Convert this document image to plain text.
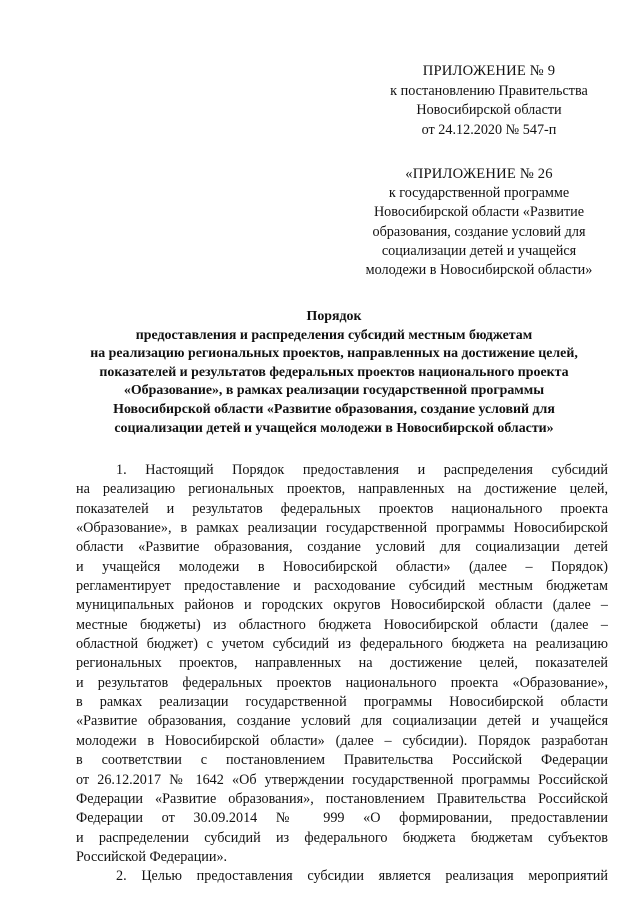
ПРИЛОЖЕНИЕ № 9
к постановлению Правительства
Новосибирской области
от 24.12.2020 № 547-п
«ПРИЛОЖЕНИЕ № 26
к государственной программе
Новосибирской области «Развитие
образования, создание условий для
социализации детей и учащейся
молодежи в Новосибирской области»
Порядок
предоставления и распределения субсидий местным бюджетам
на реализацию региональных проектов, направленных на достижение целей,
показателей и результатов федеральных проектов национального проекта
«Образование», в рамках реализации государственной программы
Новосибирской области «Развитие образования, создание условий для
социализации детей и учащейся молодежи в Новосибирской области»
1. Настоящий Порядок предоставления и распределения субсидий
на реализацию региональных проектов, направленных на достижение целей,
показателей и результатов федеральных проектов национального проекта
«Образование», в рамках реализации государственной программы Новосибирской
области «Развитие образования, создание условий для социализации детей
и учащейся молодежи в Новосибирской области» (далее – Порядок)
регламентирует предоставление и расходование субсидий местным бюджетам
муниципальных районов и городских округов Новосибирской области (далее –
местные бюджеты) из областного бюджета Новосибирской области (далее –
областной бюджет) с учетом субсидий из федерального бюджета на реализацию
региональных проектов, направленных на достижение целей, показателей
и результатов федеральных проектов национального проекта «Образование»,
в рамках реализации государственной программы Новосибирской области
«Развитие образования, создание условий для социализации детей и учащейся
молодежи в Новосибирской области» (далее – субсидии). Порядок разработан
в соответствии с постановлением Правительства Российской Федерации
от 26.12.2017 № 1642 «Об утверждении государственной программы Российской
Федерации «Развитие образования», постановлением Правительства Российской
Федерации от 30.09.2014 № 999 «О формировании, предоставлении
и распределении субсидий из федерального бюджета бюджетам субъектов
Российской Федерации».
2. Целью предоставления субсидии является реализация мероприятий
